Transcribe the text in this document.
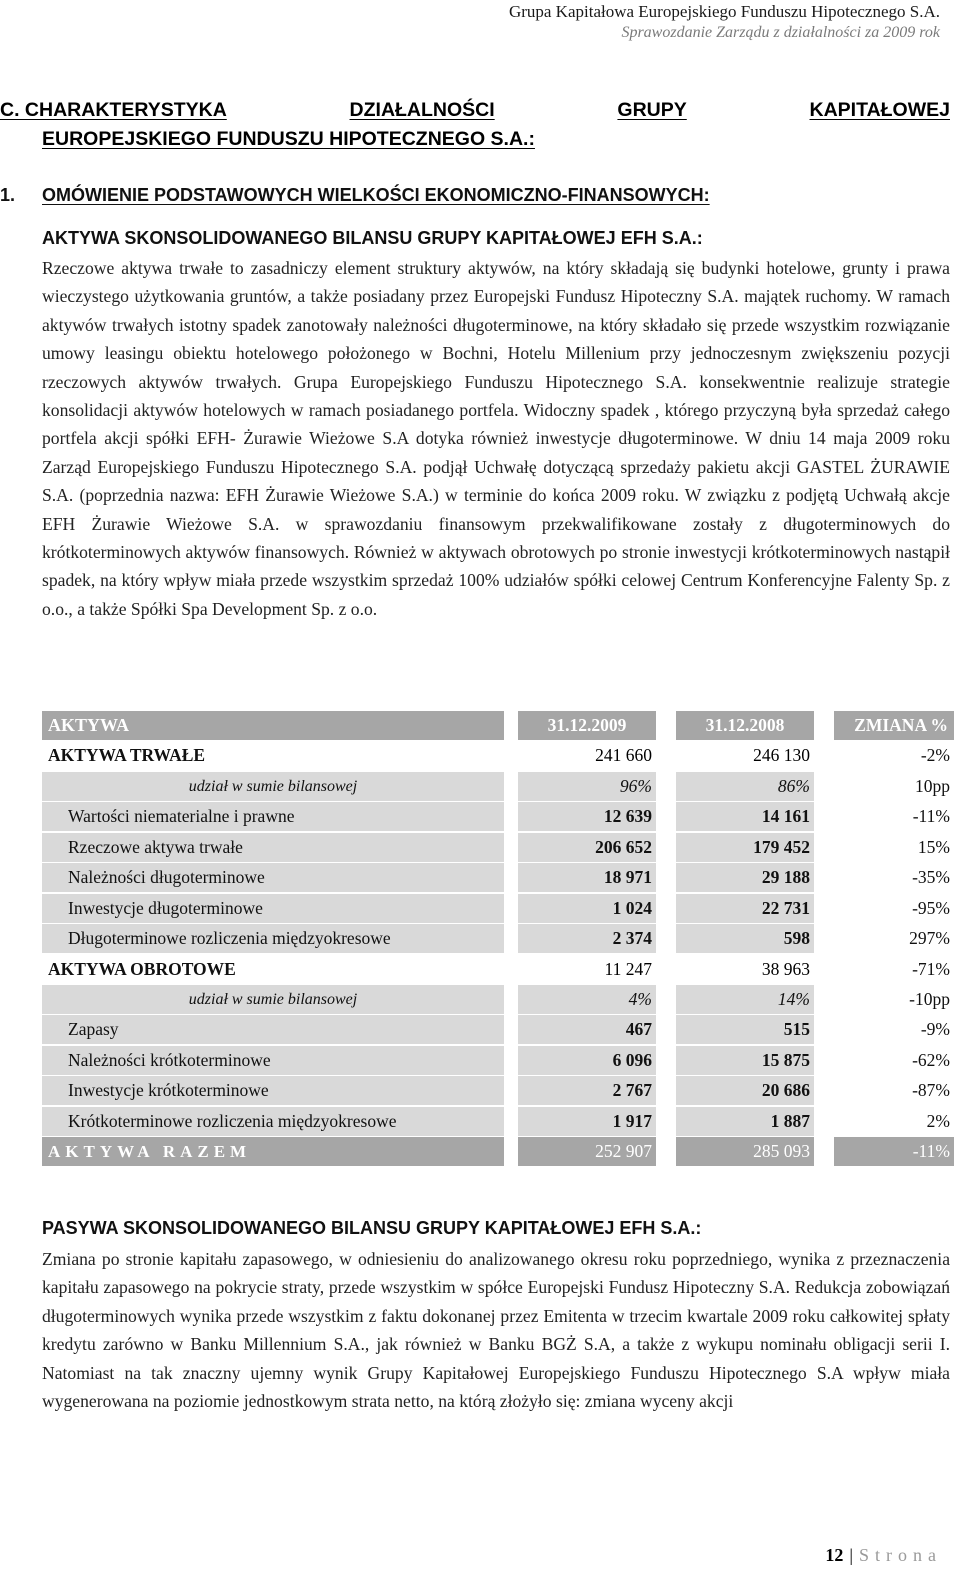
Grupa Kapitałowa Europejskiego Funduszu Hipotecznego S.A.
Sprawozdanie Zarządu z działalności za 2009 rok
C. CHARAKTERYSTYKA	DZIAŁALNOŚCI	GRUPY	KAPITAŁOWEJ
EUROPEJSKIEGO FUNDUSZU HIPOTECZNEGO S.A.:
1. OMÓWIENIE PODSTAWOWYCH WIELKOŚCI EKONOMICZNO-FINANSOWYCH:
AKTYWA SKONSOLIDOWANEGO BILANSU GRUPY KAPITAŁOWEJ EFH S.A.:

Rzeczowe aktywa trwałe to zasadniczy element struktury aktywów, na który składają się budynki hotelowe, grunty i prawa wieczystego użytkowania gruntów, a także posiadany przez Europejski Fundusz Hipoteczny S.A. majątek ruchomy. W ramach aktywów trwałych istotny spadek zanotowały należności długoterminowe, na który składało się przede wszystkim rozwiązanie umowy leasingu obiektu hotelowego położonego w Bochni, Hotelu Millenium przy jednoczesnym zwiększeniu pozycji rzeczowych aktywów trwałych. Grupa Europejskiego Funduszu Hipotecznego S.A. konsekwentnie realizuje strategie konsolidacji aktywów hotelowych w ramach posiadanego portfela. Widoczny spadek , którego przyczyną była sprzedaż całego portfela akcji spółki EFH- Żurawie Wieżowe S.A dotyka również inwestycje długoterminowe. W dniu 14 maja 2009 roku Zarząd Europejskiego Funduszu Hipotecznego S.A. podjął Uchwałę dotyczącą sprzedaży pakietu akcji GASTEL ŻURAWIE S.A. (poprzednia nazwa: EFH Żurawie Wieżowe S.A.) w terminie do końca 2009 roku. W związku z podjętą Uchwałą akcje EFH Żurawie Wieżowe S.A. w sprawozdaniu finansowym przekwalifikowane zostały z długoterminowych do krótkoterminowych aktywów finansowych. Również w aktywach obrotowych po stronie inwestycji krótkoterminowych nastąpił spadek, na który wpływ miała przede wszystkim sprzedaż 100% udziałów spółki celowej Centrum Konferencyjne Falenty Sp. z o.o., a także Spółki Spa Development Sp. z o.o.

AKTYWA	31.12.2009	31.12.2008	ZMIANA %
AKTYWA TRWAŁE	241 660	246 130	-2%
udział w sumie bilansowej	96%	86%	10pp
Wartości niematerialne i prawne	12 639	14 161	-11%
Rzeczowe aktywa trwałe	206 652	179 452	15%
Należności długoterminowe	18 971	29 188	-35%
Inwestycje długoterminowe	1 024	22 731	-95%
Długoterminowe rozliczenia międzyokresowe	2 374	598	297%
AKTYWA OBROTOWE	11 247	38 963	-71%
udział w sumie bilansowej	4%	14%	-10pp
Zapasy	467	515	-9%
Należności krótkoterminowe	6 096	15 875	-62%
Inwestycje krótkoterminowe	2 767	20 686	-87%
Krótkoterminowe rozliczenia międzyokresowe	1 917	1 887	2%
AKTYWA RAZEM	252 907	285 093	-11%
PASYWA SKONSOLIDOWANEGO BILANSU GRUPY KAPITAŁOWEJ EFH S.A.:

Zmiana po stronie kapitału zapasowego, w odniesieniu do analizowanego okresu roku poprzedniego, wynika z przeznaczenia kapitału zapasowego na pokrycie straty, przede wszystkim w spółce Europejski Fundusz Hipoteczny S.A. Redukcja zobowiązań długoterminowych wynika przede wszystkim z faktu dokonanej przez Emitenta w trzecim kwartale 2009 roku całkowitej spłaty kredytu zarówno w Banku Millennium S.A., jak również w Banku BGŻ S.A, a także z wykupu nominału obligacji serii I. Natomiast na tak znaczny ujemny wynik Grupy Kapitałowej Europejskiego Funduszu Hipotecznego S.A wpływ miała wygenerowana na poziomie jednostkowym strata netto, na którą złożyło się: zmiana wyceny akcji

12 | Strona
